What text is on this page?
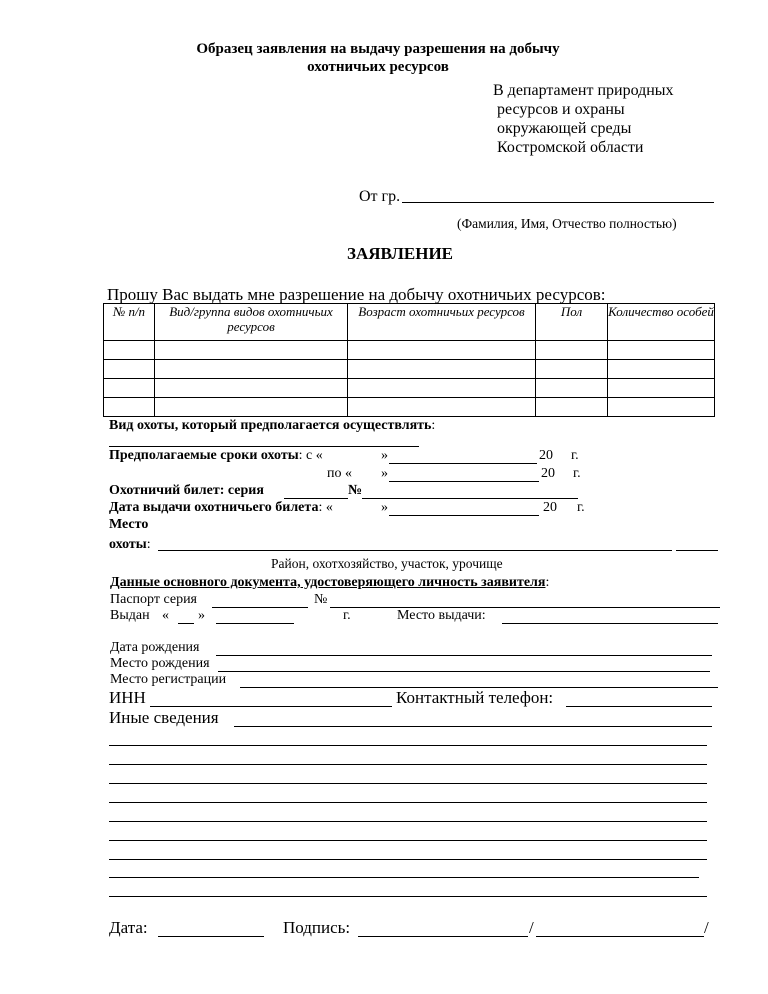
Образец заявления на выдачу разрешения на добычу
охотничьих ресурсов
В департамент природных
ресурсов и охраны
окружающей среды
Костромской области
От гр.
(Фамилия, Имя, Отчество полностью)
ЗАЯВЛЕНИЕ
Прошу Вас выдать мне разрешение на добычу охотничьих ресурсов:
№ п/п	Вид/группа видов охотничьих ресурсов	Возраст охотничьих ресурсов	Пол	Количество особей

Вид охоты, который предполагается осуществлять:
Предполагаемые сроки охоты: с «	»	20 г.
по « »	20 г.
Охотничий билет: серия	№
Дата выдачи охотничьего билета: «	»	20 г.
Место
охоты:
Район, охотхозяйство, участок, урочище
Данные основного документа, удостоверяющего личность заявителя:
Паспорт серия	№
Выдан « »	г.	Место выдачи:
Дата рождения
Место рождения
Место регистрации
ИНН	Контактный телефон:
Иные сведения
Дата:	Подпись:	/	/
